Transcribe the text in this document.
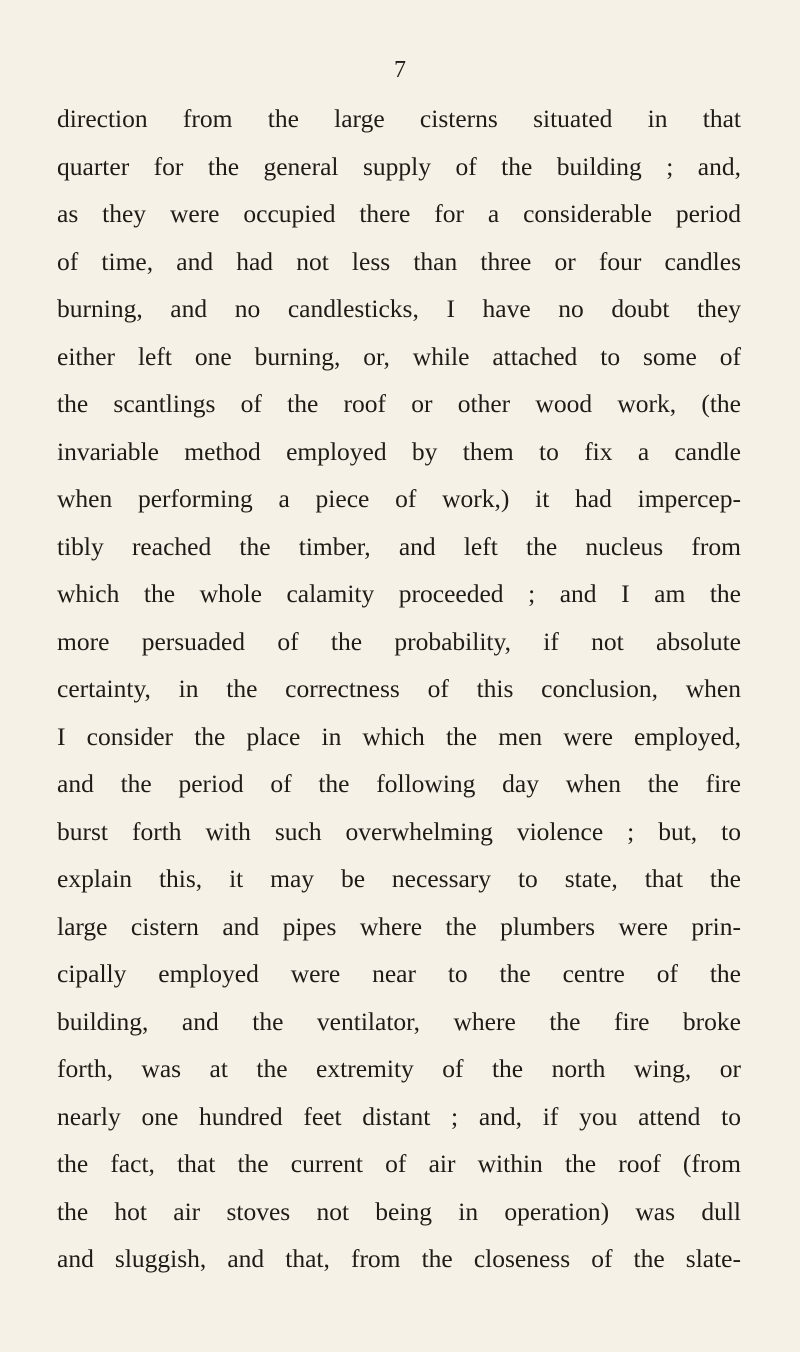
7
direction from the large cisterns situated in that
quarter for the general supply of the building ; and,
as they were occupied there for a considerable period
of time, and had not less than three or four candles
burning, and no candlesticks, I have no doubt they
either left one burning, or, while attached to some of
the scantlings of the roof or other wood work, (the
invariable method employed by them to fix a candle
when performing a piece of work,) it had impercep-
tibly reached the timber, and left the nucleus from
which the whole calamity proceeded ; and I am the
more persuaded of the probability, if not absolute
certainty, in the correctness of this conclusion, when
I consider the place in which the men were employed,
and the period of the following day when the fire
burst forth with such overwhelming violence ; but, to
explain this, it may be necessary to state, that the
large cistern and pipes where the plumbers were prin-
cipally employed were near to the centre of the
building, and the ventilator, where the fire broke
forth, was at the extremity of the north wing, or
nearly one hundred feet distant ; and, if you attend to
the fact, that the current of air within the roof (from
the hot air stoves not being in operation) was dull
and sluggish, and that, from the closeness of the slate-
